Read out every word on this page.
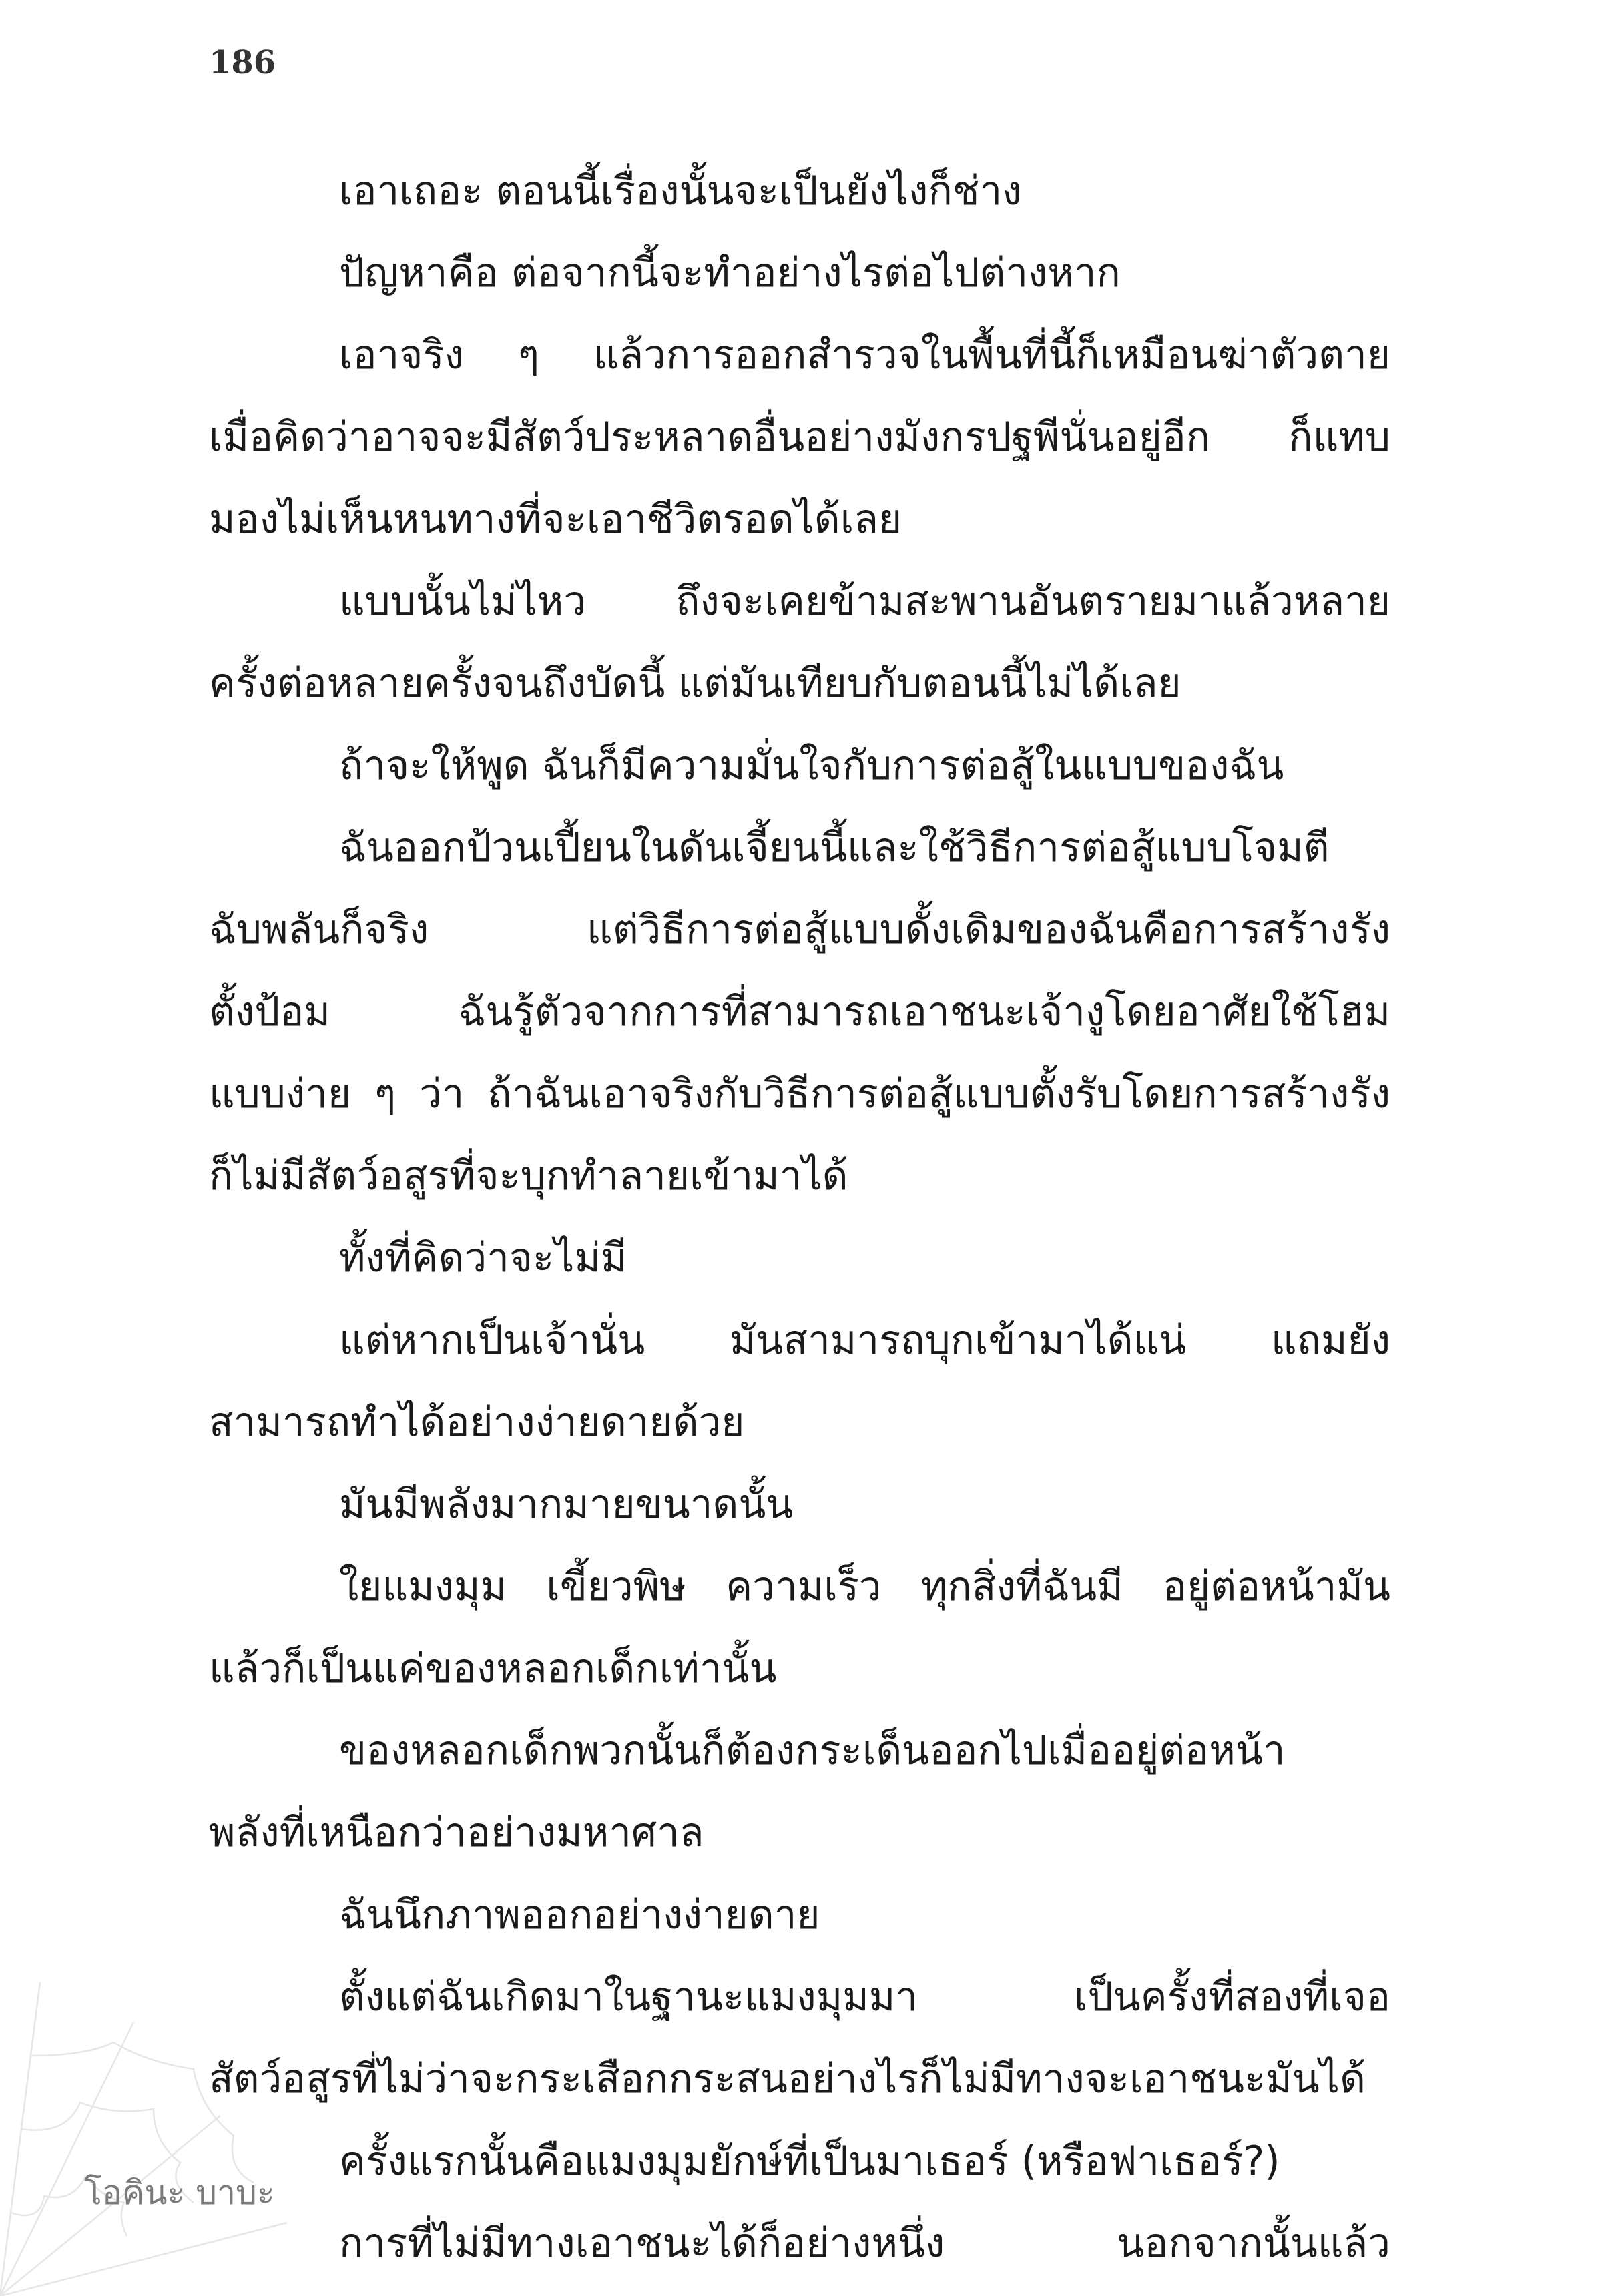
186
เอาเถอะ ตอนนี้เรื่องนั้นจะเป็นยังไงก็ช่าง
ปัญหาคือ ต่อจากนี้จะทำอย่างไรต่อไปต่างหาก
เอาจริง ๆ แล้วการออกสำรวจในพื้นที่นี้ก็เหมือนฆ่าตัวตาย
เมื่อคิดว่าอาจจะมีสัตว์ประหลาดอื่นอย่างมังกรปฐพีนั่นอยู่อีก ก็แทบ
มองไม่เห็นหนทางที่จะเอาชีวิตรอดได้เลย
แบบนั้นไม่ไหว ถึงจะเคยข้ามสะพานอันตรายมาแล้วหลาย
ครั้งต่อหลายครั้งจนถึงบัดนี้ แต่มันเทียบกับตอนนี้ไม่ได้เลย
ถ้าจะให้พูด ฉันก็มีความมั่นใจกับการต่อสู้ในแบบของฉัน
ฉันออกป้วนเปี้ยนในดันเจี้ยนนี้และใช้วิธีการต่อสู้แบบโจมตี
ฉับพลันก็จริง แต่วิธีการต่อสู้แบบดั้งเดิมของฉันคือการสร้างรัง
ตั้งป้อม ฉันรู้ตัวจากการที่สามารถเอาชนะเจ้างูโดยอาศัยใช้โฮม
แบบง่าย ๆ ว่า ถ้าฉันเอาจริงกับวิธีการต่อสู้แบบตั้งรับโดยการสร้างรัง
ก็ไม่มีสัตว์อสูรที่จะบุกทำลายเข้ามาได้
ทั้งที่คิดว่าจะไม่มี
แต่หากเป็นเจ้านั่น มันสามารถบุกเข้ามาได้แน่ แถมยัง
สามารถทำได้อย่างง่ายดายด้วย
มันมีพลังมากมายขนาดนั้น
ใยแมงมุม เขี้ยวพิษ ความเร็ว ทุกสิ่งที่ฉันมี อยู่ต่อหน้ามัน
แล้วก็เป็นแค่ของหลอกเด็กเท่านั้น
ของหลอกเด็กพวกนั้นก็ต้องกระเด็นออกไปเมื่ออยู่ต่อหน้า
พลังที่เหนือกว่าอย่างมหาศาล
ฉันนึกภาพออกอย่างง่ายดาย
ตั้งแต่ฉันเกิดมาในฐานะแมงมุมมา เป็นครั้งที่สองที่เจอ
สัตว์อสูรที่ไม่ว่าจะกระเสือกกระสนอย่างไรก็ไม่มีทางจะเอาชนะมันได้
ครั้งแรกนั้นคือแมงมุมยักษ์ที่เป็นมาเธอร์ (หรือฟาเธอร์?)
การที่ไม่มีทางเอาชนะได้ก็อย่างหนึ่ง นอกจากนั้นแล้ว
โอคินะ บาบะ
